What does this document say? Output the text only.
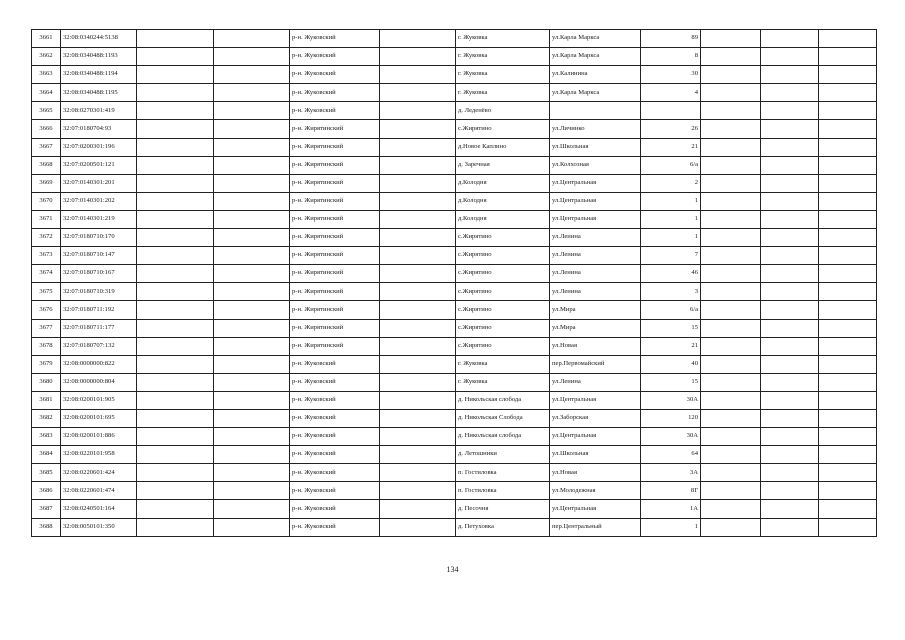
3661	32:08:0340244:5138			р-н. Жуковский		г. Жуковка	ул.Карла Маркса	89			
3662	32:08:0340488:1193			р-н. Жуковский		г. Жуковка	ул.Карла Маркса	8			
3663	32:08:0340488:1194			р-н. Жуковский		г. Жуковка	ул.Калинина	30			
3664	32:08:0340488:1195			р-н. Жуковский		г. Жуковка	ул.Карла Маркса	4			
3665	32:08:0270301:419			р-н. Жуковский		д. Леденёво					
3666	32:07:0180704:93			р-н. Жирятинский		с.Жирятино	ул.Личинко	26			
3667	32:07:0200301:196			р-н. Жирятинский		д.Новое Каплино	ул.Школьная	21			
3668	32:07:0200501:121			р-н. Жирятинский		д. Заречная	ул.Колхозная	6/а			
3669	32:07:0140301:201			р-н. Жирятинский		д.Колодня	ул.Центральная	2			
3670	32:07:0140301:202			р-н. Жирятинский		д.Колодня	ул.Центральная	1			
3671	32:07:0140301:219			р-н. Жирятинский		д.Колодня	ул.Центральная	1			
3672	32:07:0180710:170			р-н. Жирятинский		с.Жирятино	ул.Ленина	1			
3673	32:07:0180710:147			р-н. Жирятинский		с.Жирятино	ул.Ленина	7			
3674	32:07:0180710:167			р-н. Жирятинский		с.Жирятино	ул.Ленина	46			
3675	32:07:0180710:319			р-н. Жирятинский		с.Жирятино	ул.Ленина	3			
3676	32:07:0180711:192			р-н. Жирятинский		с.Жирятино	ул.Мира	6/а			
3677	32:07:0180711:177			р-н. Жирятинский		с.Жирятино	ул.Мира	15			
3678	32:07:0180707:132			р-н. Жирятинский		с.Жирятино	ул.Новая	21			
3679	32:08:0000000:822			р-н. Жуковский		г. Жуковка	пер.Первомайский	40			
3680	32:08:0000000:804			р-н. Жуковский		г. Жуковка	ул.Ленина	15			
3681	32:08:0200101:905			р-н. Жуковский		д. Никольская слобода	ул.Центральная	30А			
3682	32:08:0200101:695			р-н. Жуковский		д. Никольская Слобода	ул.Заборская	120			
3683	32:08:0200101:886			р-н. Жуковский		д. Никольская слобода	ул.Центральная	30А			
3684	32:08:0220101:958			р-н. Жуковский		д. Летошники	ул.Школьная	64			
3685	32:08:0220601:424			р-н. Жуковский		п. Гостиловка	ул.Новая	3А			
3686	32:08:0220601:474			р-н. Жуковский		п. Гостиловка	ул.Молодежная	8Г			
3687	32:08:0240501:164			р-н. Жуковский		д. Песочня	ул.Центральная	1А			
3688	32:08:0050101:350			р-н. Жуковский		д. Петуховка	пер.Центральный	1			
134
